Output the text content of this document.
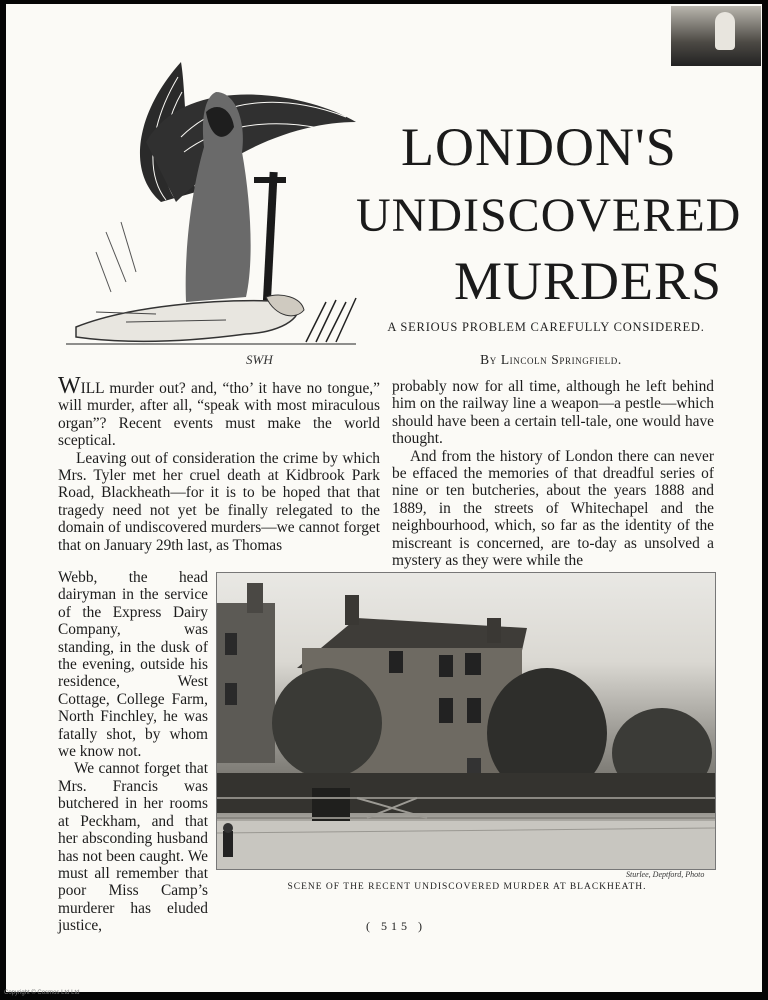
SWH
LONDON'S
UNDISCOVERED
MURDERS
A SERIOUS PROBLEM CAREFULLY CONSIDERED.
By Lincoln Springfield.

WILL murder out? and, “tho’ it have no tongue,” will murder, after all, “speak with most miraculous organ”? Recent events must make the world sceptical.

Leaving out of consideration the crime by which Mrs. Tyler met her cruel death at Kidbrook Park Road, Blackheath—for it is to be hoped that that tragedy need not yet be finally relegated to the domain of undiscovered murders—we cannot forget that on January 29th last, as Thomas

Webb, the head dairyman in the service of the Express Dairy Company, was standing, in the dusk of the evening, outside his residence, West Cottage, College Farm, North Finchley, he was fatally shot, by whom we know not.

We cannot forget that Mrs. Francis was butchered in her rooms at Peckham, and that her absconding husband has not been caught. We must all remember that poor Miss Camp’s murderer has eluded justice,

probably now for all time, although he left behind him on the railway line a weapon—a pestle—which should have been a certain tell-tale, one would have thought.

And from the history of London there can never be effaced the memories of that dreadful series of nine or ten butcheries, about the years 1888 and 1889, in the streets of Whitechapel and the neighbourhood, which, so far as the identity of the miscreant is concerned, are to-day as unsolved a mystery as they were while the

Sturlee, Deptford, Photo
SCENE OF THE RECENT UNDISCOVERED MURDER AT BLACKHEATH.
( 515 )
Copyright © Cosmos Ltd Ltd
